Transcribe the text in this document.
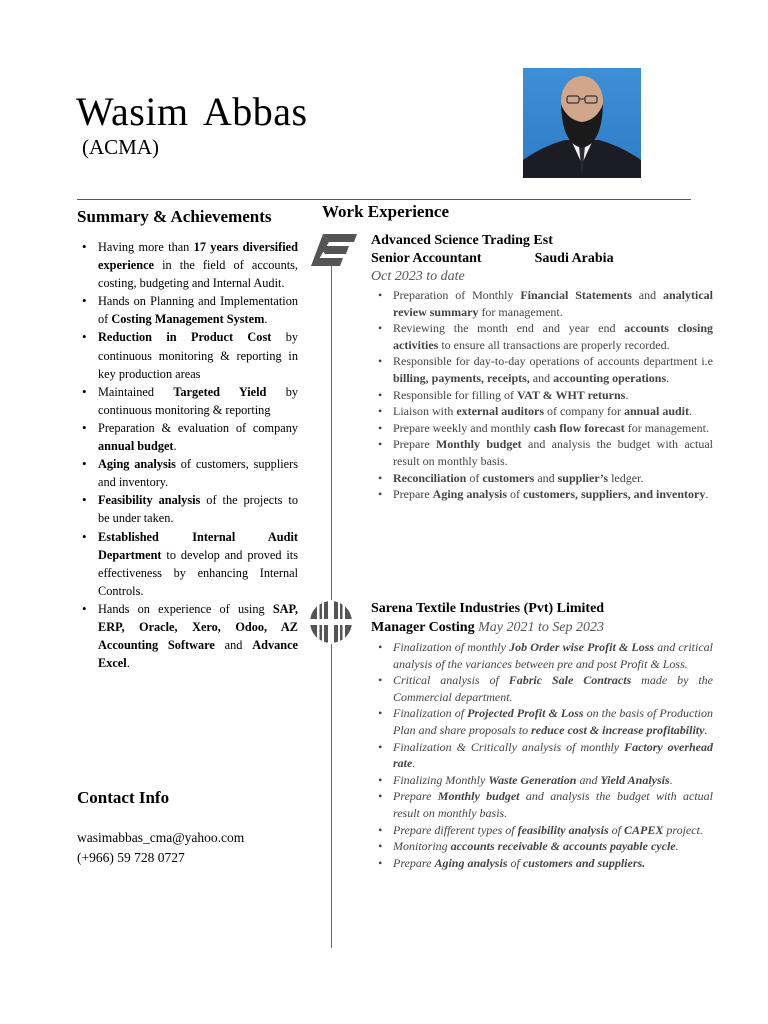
Wasim Abbas
(ACMA)
Summary & Achievements
• Having more than 17 years diversified experience in the field of accounts, costing, budgeting and Internal Audit.
• Hands on Planning and Implementation of Costing Management System.
• Reduction in Product Cost by continuous monitoring & reporting in key production areas
• Maintained Targeted Yield by continuous monitoring & reporting
• Preparation & evaluation of company annual budget.
• Aging analysis of customers, suppliers and inventory.
• Feasibility analysis of the projects to be under taken.
• Established Internal Audit Department to develop and proved its effectiveness by enhancing Internal Controls.
• Hands on experience of using SAP, ERP, Oracle, Xero, Odoo, AZ Accounting Software and Advance Excel.
Contact Info
wasimabbas_cma@yahoo.com
(+966) 59 728 0727
Work Experience
Advanced Science Trading Est
Senior Accountant	Saudi Arabia
Oct 2023 to date
• Preparation of Monthly Financial Statements and analytical review summary for management.
• Reviewing the month end and year end accounts closing activities to ensure all transactions are properly recorded.
• Responsible for day-to-day operations of accounts department i.e billing, payments, receipts, and accounting operations.
• Responsible for filling of VAT & WHT returns.
• Liaison with external auditors of company for annual audit.
• Prepare weekly and monthly cash flow forecast for management.
• Prepare Monthly budget and analysis the budget with actual result on monthly basis.
• Reconciliation of customers and supplier’s ledger.
• Prepare Aging analysis of customers, suppliers, and inventory.
Sarena Textile Industries (Pvt) Limited
Manager Costing May 2021 to Sep 2023
• Finalization of monthly Job Order wise Profit & Loss and critical analysis of the variances between pre and post Profit & Loss.
• Critical analysis of Fabric Sale Contracts made by the Commercial department.
• Finalization of Projected Profit & Loss on the basis of Production Plan and share proposals to reduce cost & increase profitability.
• Finalization & Critically analysis of monthly Factory overhead rate.
• Finalizing Monthly Waste Generation and Yield Analysis.
• Prepare Monthly budget and analysis the budget with actual result on monthly basis.
• Prepare different types of feasibility analysis of CAPEX project.
• Monitoring accounts receivable & accounts payable cycle.
• Prepare Aging analysis of customers and suppliers.
